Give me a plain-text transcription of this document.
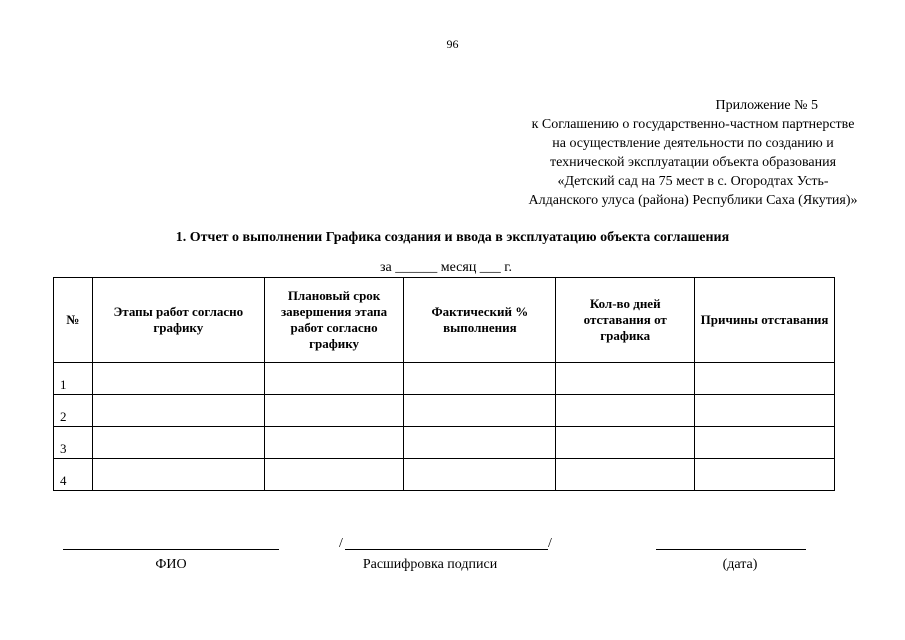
96
Приложение № 5
к Соглашению о государственно-частном партнерстве
на осуществление деятельности по созданию и
технической эксплуатации объекта образования
«Детский сад на 75 мест в с. Огородтах Усть-
Алданского улуса (района) Республики Саха (Якутия)»
1. Отчет о выполнении Графика создания и ввода в эксплуатацию объекта соглашения
за ______ месяц ___ г.
№	Этапы работ согласно графику	Плановый срок завершения этапа работ согласно графику	Фактический % выполнения	Кол-во дней отставания от графика	Причины отставания
1					
2					
3					
4					
/	/
ФИО	Расшифровка подписи	(дата)
